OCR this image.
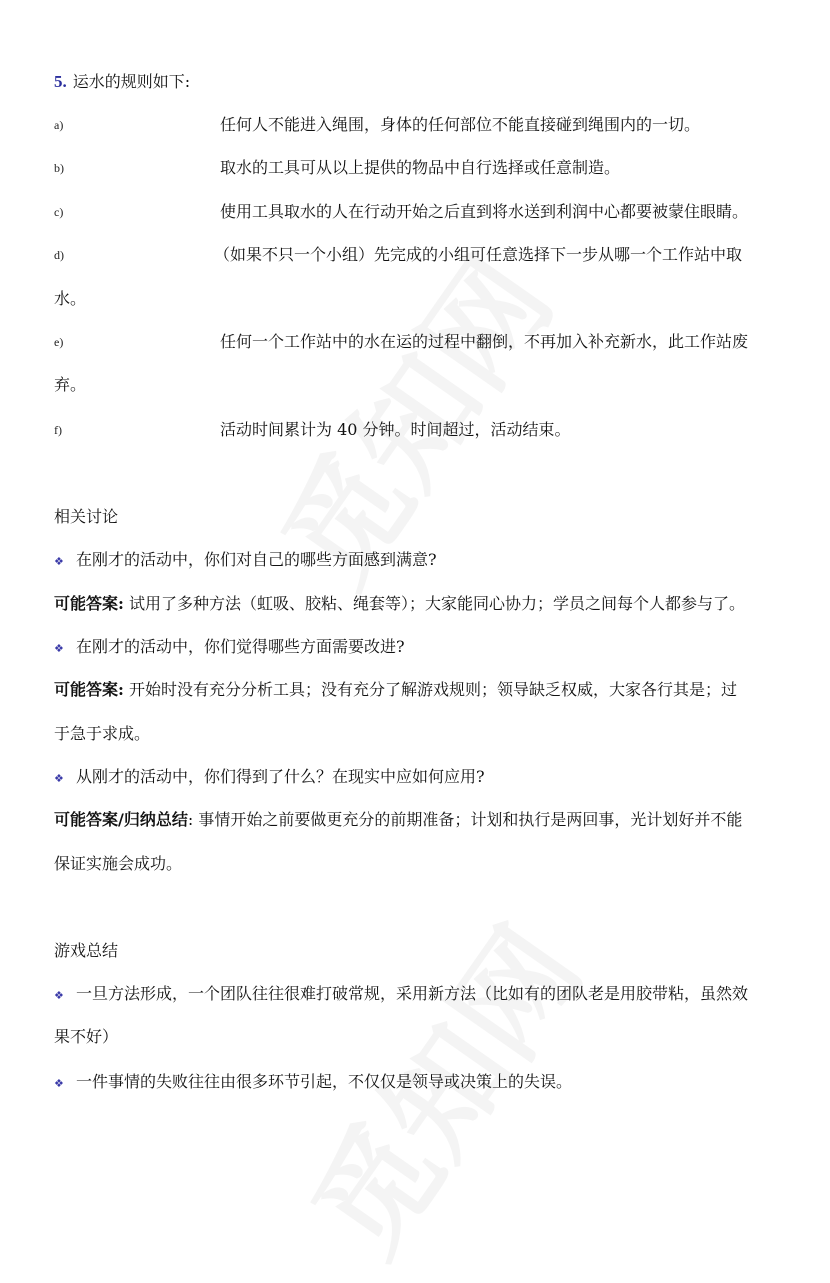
5. 运水的规则如下:
a)	任何人不能进入绳围，身体的任何部位不能直接碰到绳围内的一切。
b)	取水的工具可从以上提供的物品中自行选择或任意制造。
c)	使用工具取水的人在行动开始之后直到将水送到利润中心都要被蒙住眼睛。
d)	（如果不只一个小组）先完成的小组可任意选择下一步从哪一个工作站中取
水。
e)	任何一个工作站中的水在运的过程中翻倒，不再加入补充新水，此工作站废
弃。
f)	活动时间累计为 40 分钟。时间超过，活动结束。
相关讨论
❖ 在刚才的活动中，你们对自己的哪些方面感到满意?
可能答案: 试用了多种方法（虹吸、胶粘、绳套等）；大家能同心协力；学员之间每个人都参与了。
❖ 在刚才的活动中，你们觉得哪些方面需要改进?
可能答案: 开始时没有充分分析工具；没有充分了解游戏规则；领导缺乏权威，大家各行其是；过
于急于求成。
❖ 从刚才的活动中，你们得到了什么？在现实中应如何应用?
可能答案/归纳总结: 事情开始之前要做更充分的前期准备；计划和执行是两回事，光计划好并不能
保证实施会成功。
游戏总结
❖ 一旦方法形成，一个团队往往很难打破常规，采用新方法（比如有的团队老是用胶带粘，虽然效
果不好）
❖ 一件事情的失败往往由很多环节引起，不仅仅是领导或决策上的失误。
